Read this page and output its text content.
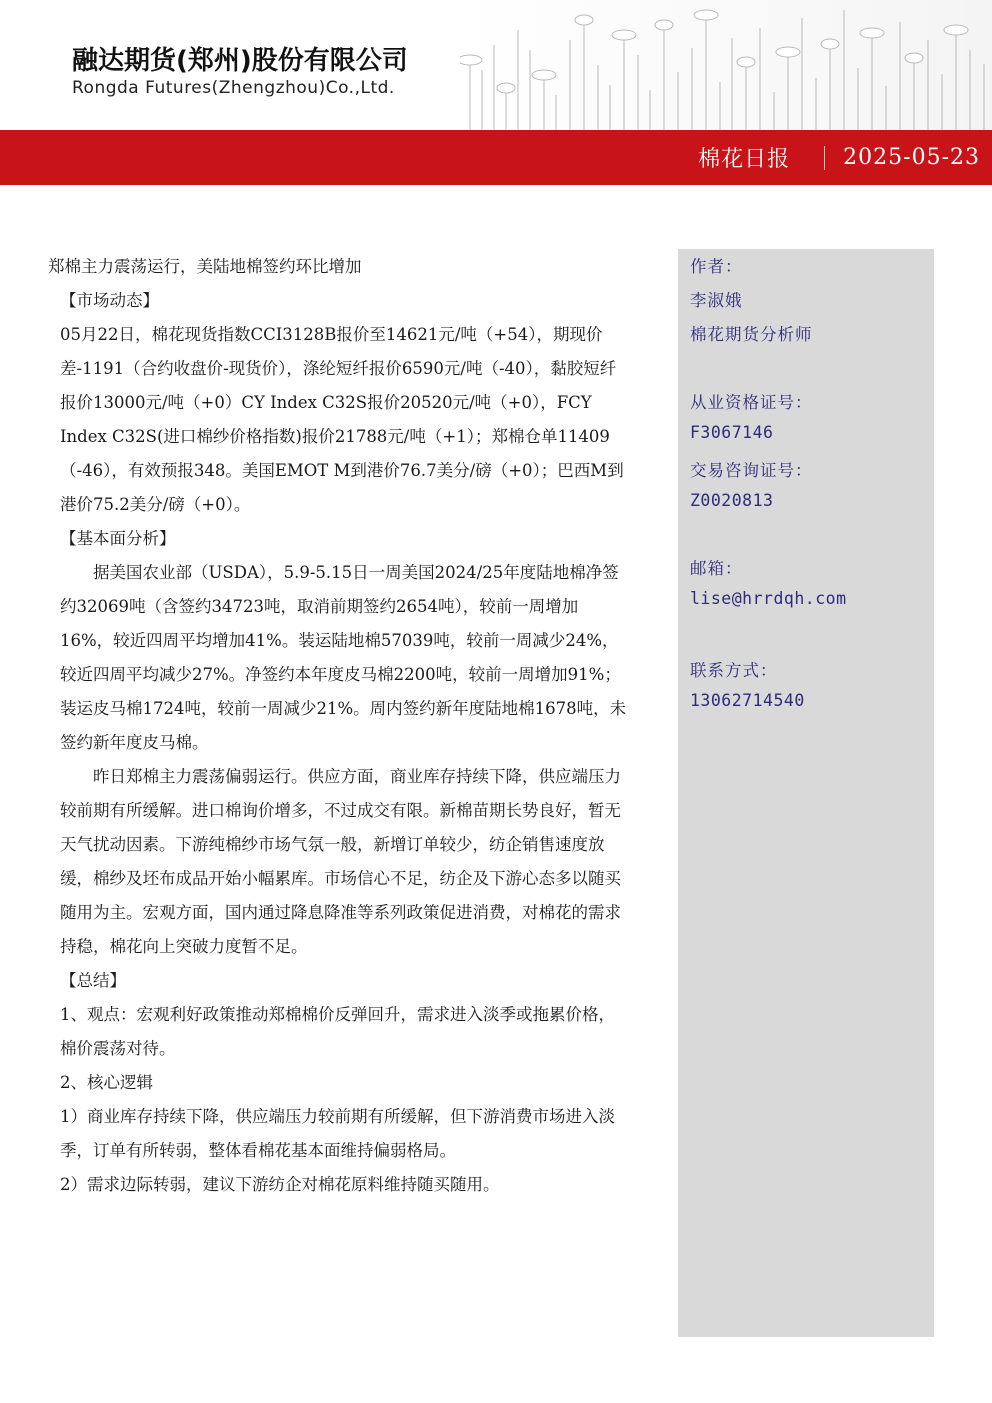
融达期货(郑州)股份有限公司
Rongda Futures(Zhengzhou)Co.,Ltd.
棉花日报 2025-05-23

郑棉主力震荡运行，美陆地棉签约环比增加

【市场动态】

05月22日，棉花现货指数CCI3128B报价至14621元/吨（+54），期现价差-1191（合约收盘价-现货价），涤纶短纤报价6590元/吨（-40），黏胶短纤报价13000元/吨（+0）CY Index C32S报价20520元/吨（+0），FCY Index C32S(进口棉纱价格指数)报价21788元/吨（+1）；郑棉仓单11409（-46），有效预报348。美国EMOT M到港价76.7美分/磅（+0）；巴西M到港价75.2美分/磅（+0）。

【基本面分析】

据美国农业部（USDA），5.9-5.15日一周美国2024/25年度陆地棉净签约32069吨（含签约34723吨，取消前期签约2654吨），较前一周增加16%，较近四周平均增加41%。装运陆地棉57039吨，较前一周减少24%，较近四周平均减少27%。净签约本年度皮马棉2200吨，较前一周增加91%；装运皮马棉1724吨，较前一周减少21%。周内签约新年度陆地棉1678吨，未签约新年度皮马棉。

昨日郑棉主力震荡偏弱运行。供应方面，商业库存持续下降，供应端压力较前期有所缓解。进口棉询价增多，不过成交有限。新棉苗期长势良好，暂无天气扰动因素。下游纯棉纱市场气氛一般，新增订单较少，纺企销售速度放缓，棉纱及坯布成品开始小幅累库。市场信心不足，纺企及下游心态多以随买随用为主。宏观方面，国内通过降息降准等系列政策促进消费，对棉花的需求持稳，棉花向上突破力度暂不足。

【总结】

1、观点：宏观利好政策推动郑棉棉价反弹回升，需求进入淡季或拖累价格，棉价震荡对待。

2、核心逻辑

1）商业库存持续下降，供应端压力较前期有所缓解，但下游消费市场进入淡季，订单有所转弱，整体看棉花基本面维持偏弱格局。

2）需求边际转弱，建议下游纺企对棉花原料维持随买随用。

作者：
李淑娥
棉花期货分析师
从业资格证号：
F3067146
交易咨询证号：
Z0020813
邮箱：
lise@hrrdqh.com
联系方式：
13062714540
